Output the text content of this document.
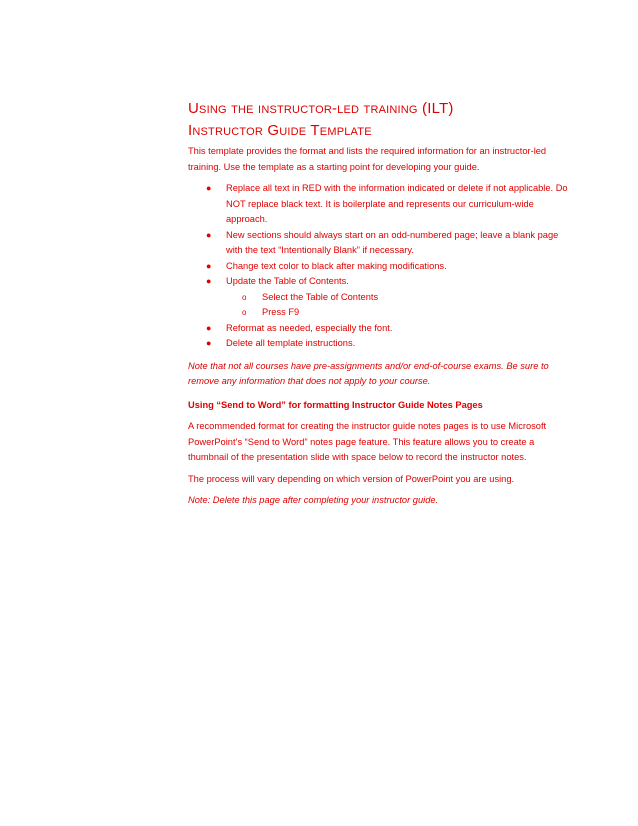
Using the instructor-led training (ILT)
Instructor Guide Template

This template provides the format and lists the required information for an instructor-led training. Use the template as a starting point for developing your guide.

● Replace all text in RED with the information indicated or delete if not applicable. Do NOT replace black text. It is boilerplate and represents our curriculum-wide approach.
● New sections should always start on an odd-numbered page; leave a blank page with the text “Intentionally Blank” if necessary.
● Change text color to black after making modifications.
● Update the Table of Contents.
o Select the Table of Contents
o Press F9
● Reformat as needed, especially the font.
● Delete all template instructions.

Note that not all courses have pre-assignments and/or end-of-course exams. Be sure to remove any information that does not apply to your course.

Using “Send to Word” for formatting Instructor Guide Notes Pages

A recommended format for creating the instructor guide notes pages is to use Microsoft PowerPoint’s “Send to Word” notes page feature. This feature allows you to create a thumbnail of the presentation slide with space below to record the instructor notes.

The process will vary depending on which version of PowerPoint you are using.

Note: Delete this page after completing your instructor guide.
